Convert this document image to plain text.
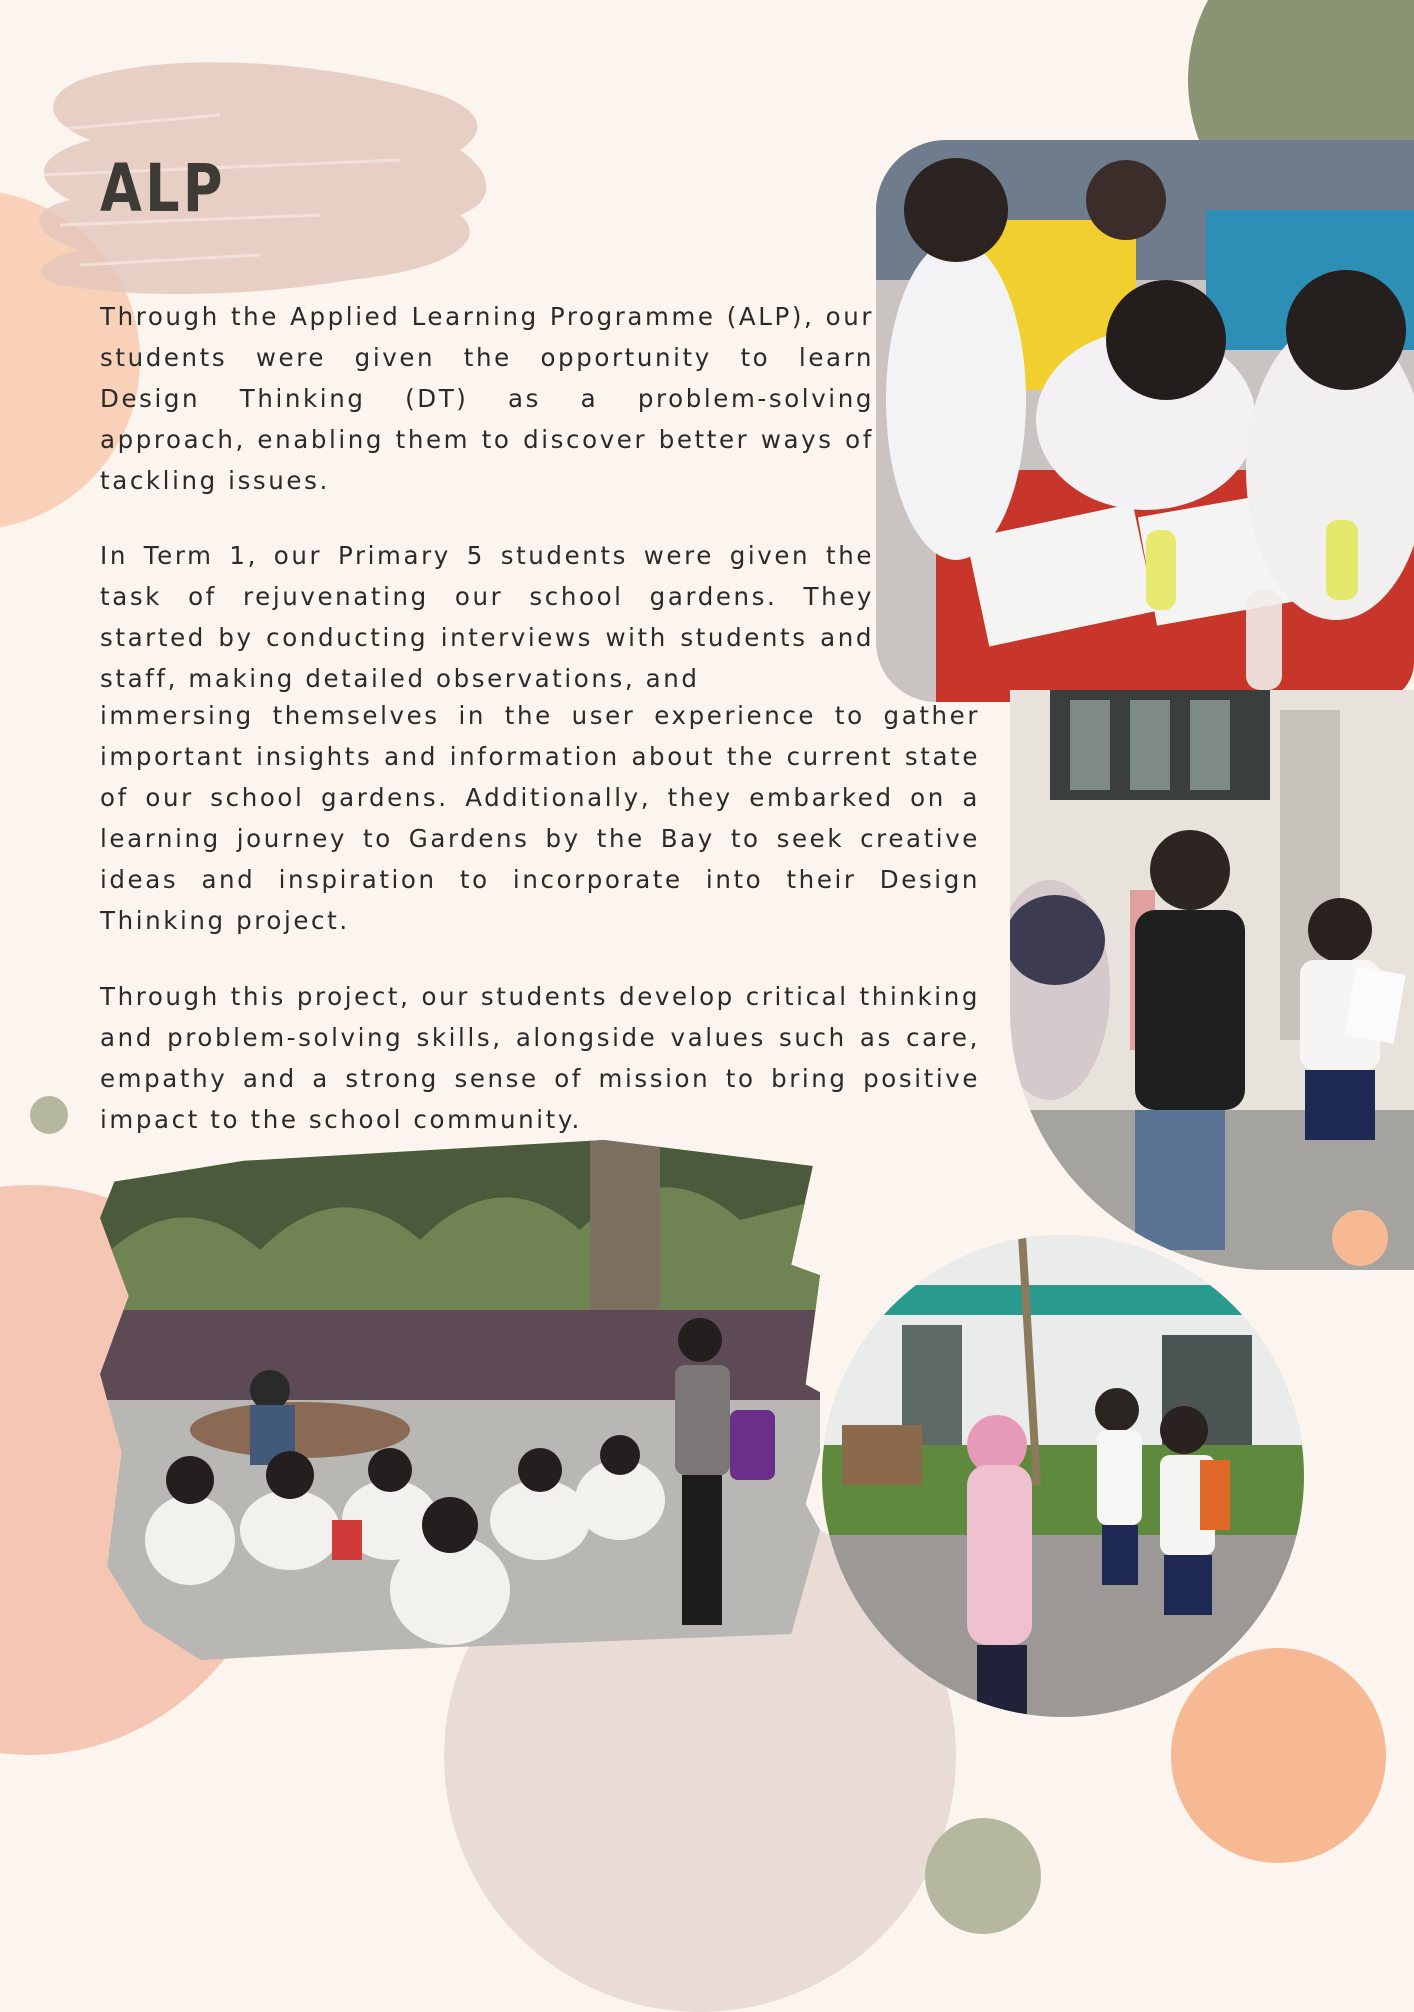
ALP

Through the Applied Learning Programme (ALP), our students were given the opportunity to learn Design Thinking (DT) as a problem-solving approach, enabling them to discover better ways of tackling issues.

In Term 1, our Primary 5 students were given the task of rejuvenating our school gardens. They started by conducting interviews with students and staff, making detailed observations, and

immersing themselves in the user experience to gather important insights and information about the current state of our school gardens. Additionally, they embarked on a learning journey to Gardens by the Bay to seek creative ideas and inspiration to incorporate into their Design Thinking project.

Through this project, our students develop critical thinking and problem-solving skills, alongside values such as care, empathy and a strong sense of mission to bring positive impact to the school community.
